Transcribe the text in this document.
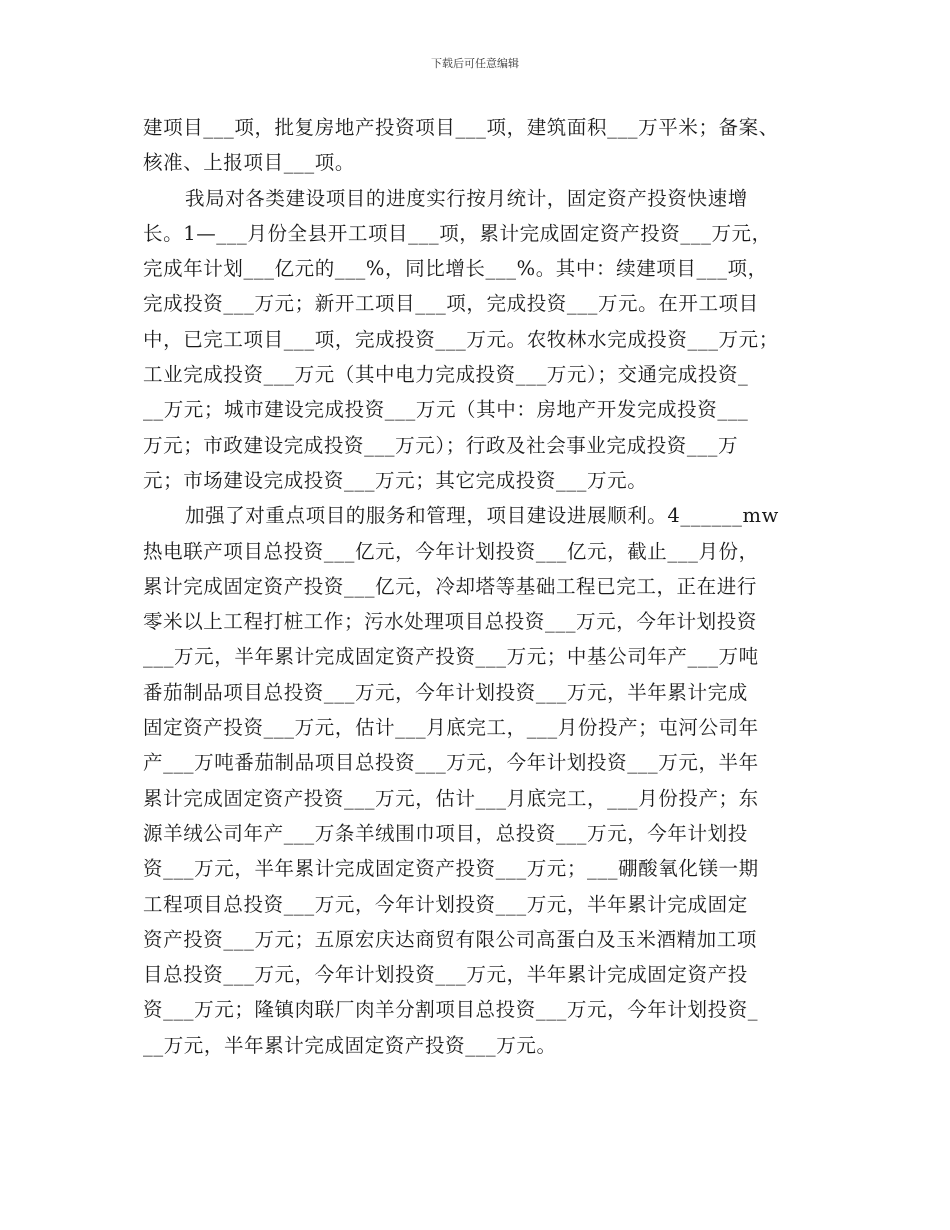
下载后可任意编辑
建项目___项，批复房地产投资项目___项，建筑面积___万平米；备案、
核准、上报项目___项。
我局对各类建设项目的进度实行按月统计，固定资产投资快速增
长。1—___月份全县开工项目___项，累计完成固定资产投资___万元，
完成年计划___亿元的___%，同比增长___%。其中：续建项目___项，
完成投资___万元；新开工项目___项，完成投资___万元。在开工项目
中，已完工项目___项，完成投资___万元。农牧林水完成投资___万元；
工业完成投资___万元（其中电力完成投资___万元）；交通完成投资_
__万元；城市建设完成投资___万元（其中：房地产开发完成投资___
万元；市政建设完成投资___万元）；行政及社会事业完成投资___万
元；市场建设完成投资___万元；其它完成投资___万元。
加强了对重点项目的服务和管理，项目建设进展顺利。4______mw
热电联产项目总投资___亿元，今年计划投资___亿元，截止___月份，
累计完成固定资产投资___亿元，冷却塔等基础工程已完工，正在进行
零米以上工程打桩工作；污水处理项目总投资___万元，今年计划投资
___万元，半年累计完成固定资产投资___万元；中基公司年产___万吨
番茄制品项目总投资___万元，今年计划投资___万元，半年累计完成
固定资产投资___万元，估计___月底完工，___月份投产；屯河公司年
产___万吨番茄制品项目总投资___万元，今年计划投资___万元，半年
累计完成固定资产投资___万元，估计___月底完工，___月份投产；东
源羊绒公司年产___万条羊绒围巾项目，总投资___万元，今年计划投
资___万元，半年累计完成固定资产投资___万元；___硼酸氧化镁一期
工程项目总投资___万元，今年计划投资___万元，半年累计完成固定
资产投资___万元；五原宏庆达商贸有限公司高蛋白及玉米酒精加工项
目总投资___万元，今年计划投资___万元，半年累计完成固定资产投
资___万元；隆镇肉联厂肉羊分割项目总投资___万元，今年计划投资_
__万元，半年累计完成固定资产投资___万元。
